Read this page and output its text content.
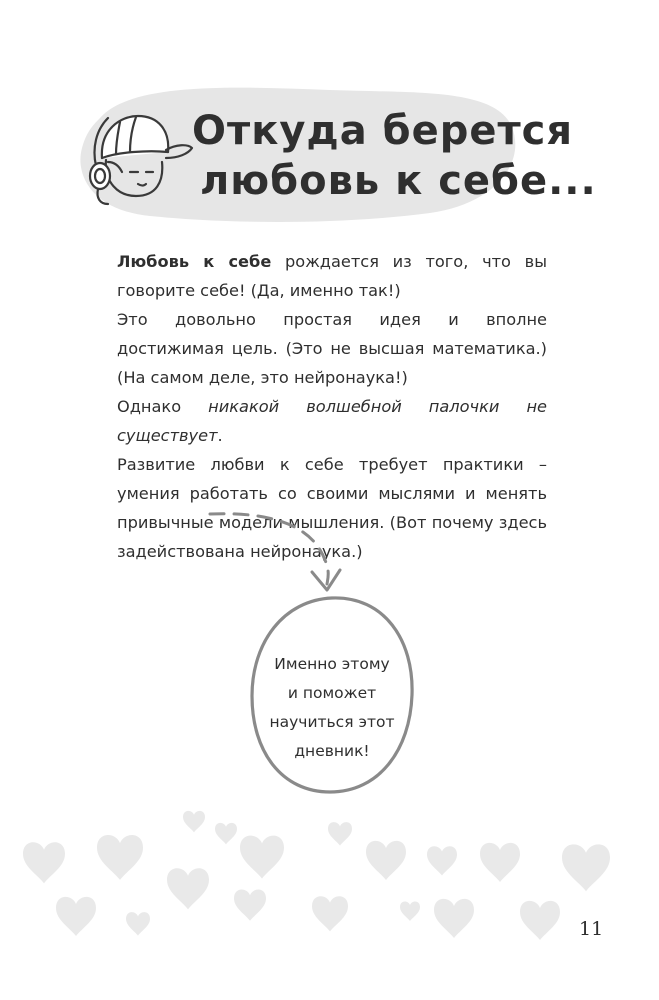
Откуда берется
любовь к себе...

Любовь к себе рождается из того, что вы говорите себе! (Да, именно так!)

Это довольно простая идея и вполне достижимая цель. (Это не высшая математика.) (На самом деле, это нейронаука!)

Однако никакой волшебной палочки не существует.

Развитие любви к себе требует практики – умения работать со своими мыслями и менять привычные модели мышления. (Вот почему здесь задействована нейронаука.)

Именно этому
и поможет
научиться этот
дневник!
11
